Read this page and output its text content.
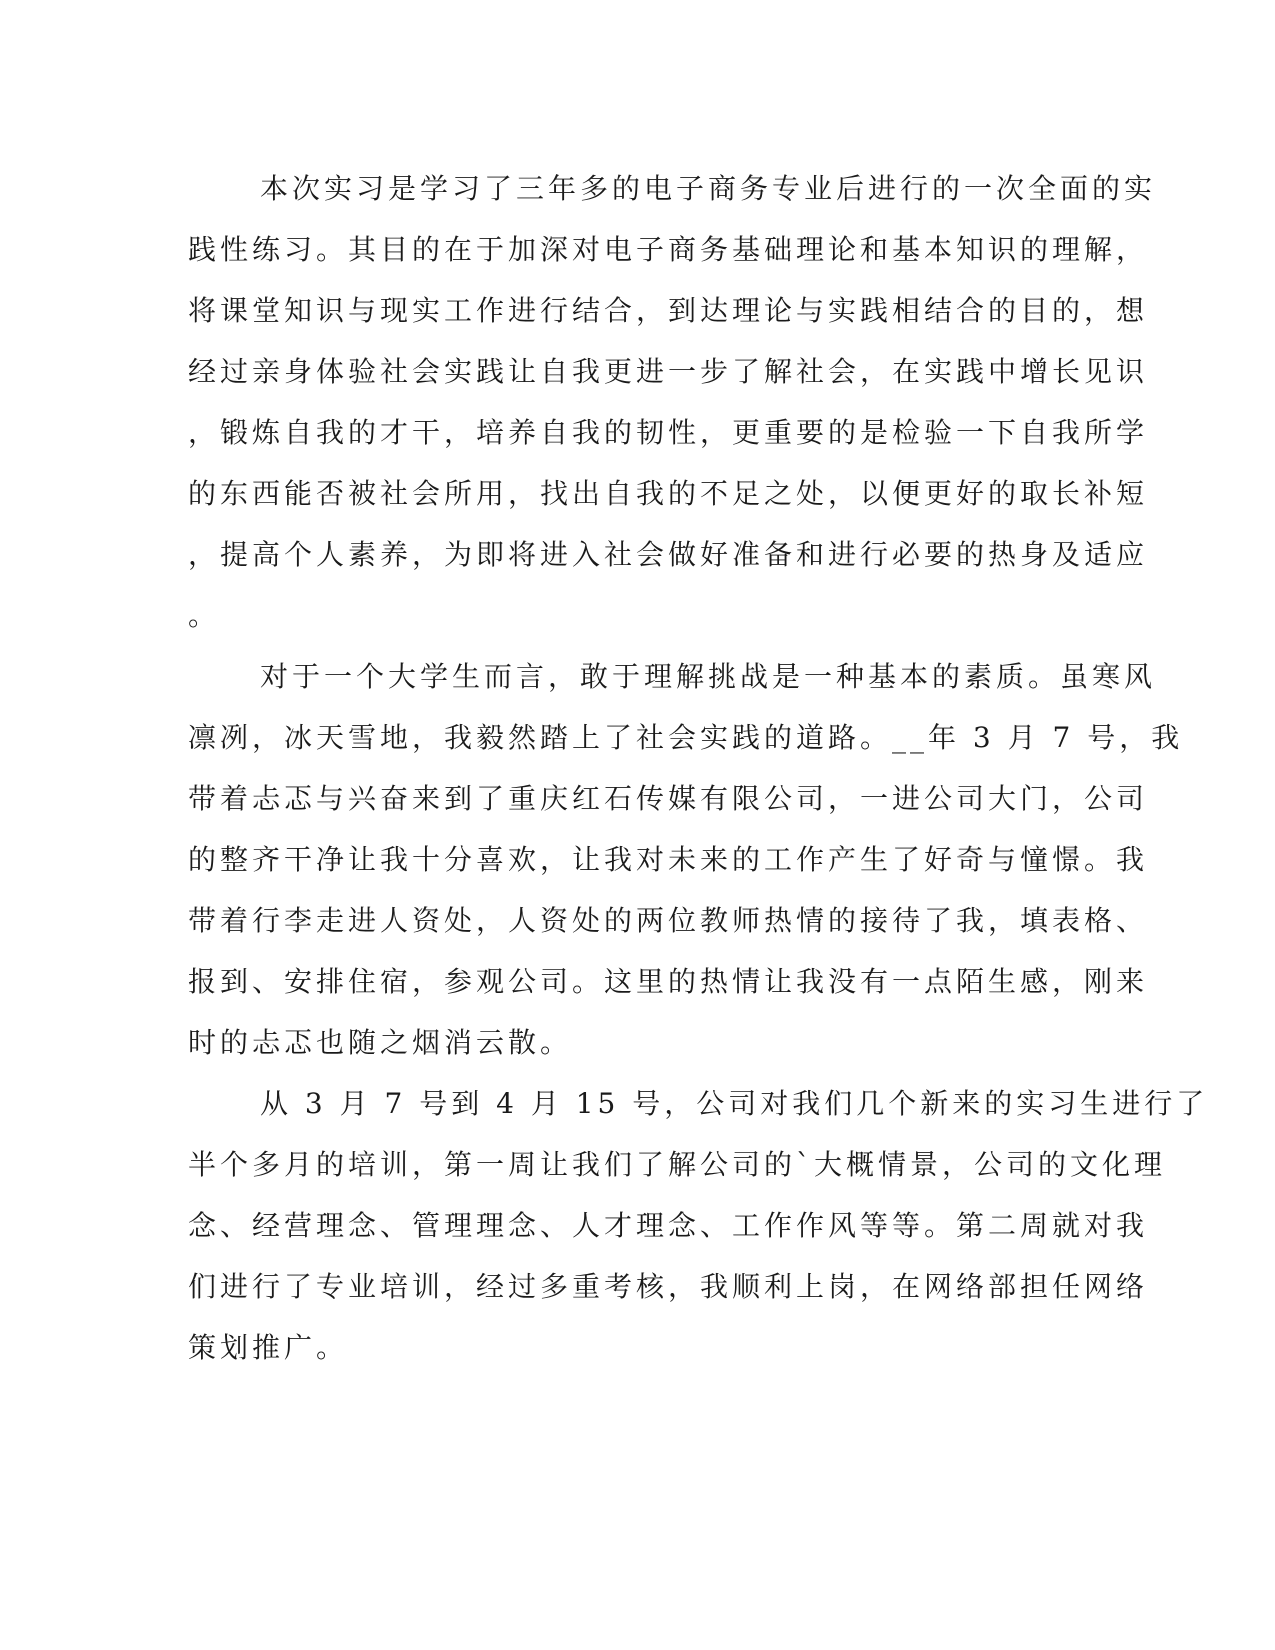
本次实习是学习了三年多的电子商务专业后进行的一次全面的实
践性练习。其目的在于加深对电子商务基础理论和基本知识的理解，
将课堂知识与现实工作进行结合，到达理论与实践相结合的目的，想
经过亲身体验社会实践让自我更进一步了解社会，在实践中增长见识
，锻炼自我的才干，培养自我的韧性，更重要的是检验一下自我所学
的东西能否被社会所用，找出自我的不足之处，以便更好的取长补短
，提高个人素养，为即将进入社会做好准备和进行必要的热身及适应
。
对于一个大学生而言，敢于理解挑战是一种基本的素质。虽寒风
凛冽，冰天雪地，我毅然踏上了社会实践的道路。__年 3 月 7 号，我
带着忐忑与兴奋来到了重庆红石传媒有限公司，一进公司大门，公司
的整齐干净让我十分喜欢，让我对未来的工作产生了好奇与憧憬。我
带着行李走进人资处，人资处的两位教师热情的接待了我，填表格、
报到、安排住宿，参观公司。这里的热情让我没有一点陌生感，刚来
时的忐忑也随之烟消云散。
从 3 月 7 号到 4 月 15 号，公司对我们几个新来的实习生进行了
半个多月的培训，第一周让我们了解公司的`大概情景，公司的文化理
念、经营理念、管理理念、人才理念、工作作风等等。第二周就对我
们进行了专业培训，经过多重考核，我顺利上岗，在网络部担任网络
策划推广。
